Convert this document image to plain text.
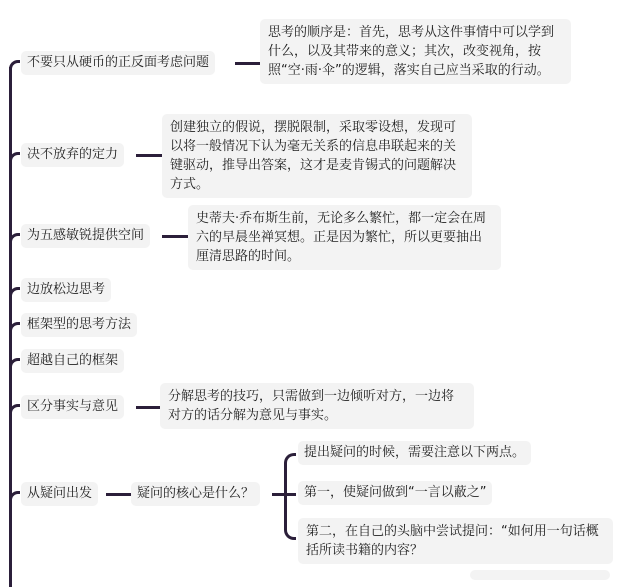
不要只从硬币的正反面考虑问题
思考的顺序是：首先，思考从这件事情中可以学到什么，以及其带来的意义；其次，改变视角，按照“空·雨·伞”的逻辑，落实自己应当采取的行动。
决不放弃的定力
创建独立的假说，摆脱限制，采取零设想，发现可以将一般情况下认为毫无关系的信息串联起来的关键驱动，推导出答案，这才是麦肯锡式的问题解决方式。
为五感敏锐提供空间
史蒂夫·乔布斯生前，无论多么繁忙，都一定会在周六的早晨坐禅冥想。正是因为繁忙，所以更要抽出厘清思路的时间。
边放松边思考
框架型的思考方法
超越自己的框架
区分事实与意见
分解思考的技巧，只需做到一边倾听对方，一边将对方的话分解为意见与事实。
从疑问出发	疑问的核心是什么？
提出疑问的时候，需要注意以下两点。
第一，使疑问做到“一言以蔽之”
第二，在自己的头脑中尝试提问：“如何用一句话概括所读书籍的内容？
